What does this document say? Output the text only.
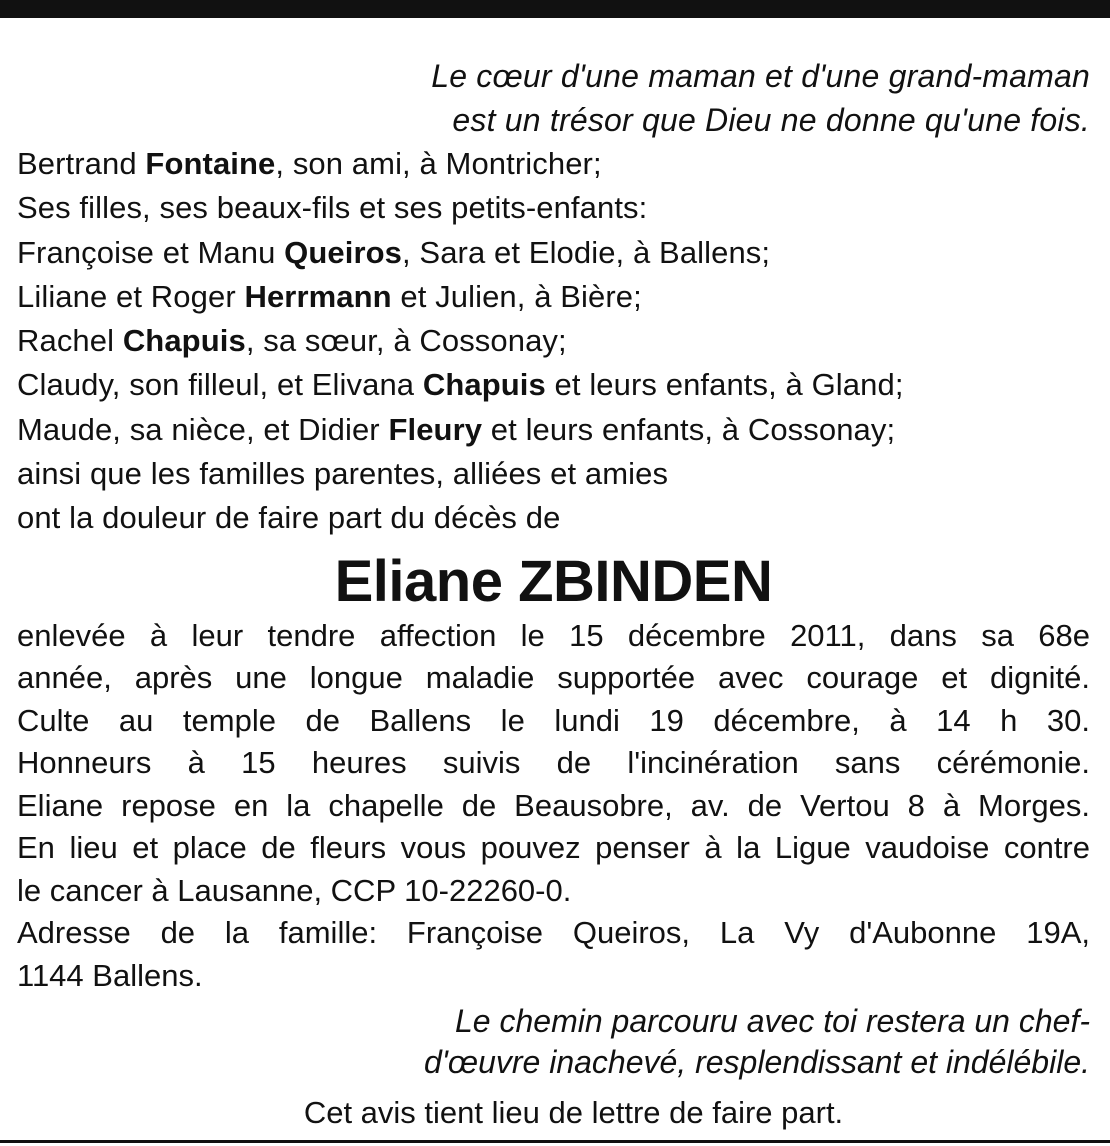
Le cœur d'une maman et d'une grand-maman
est un trésor que Dieu ne donne qu'une fois.
Bertrand Fontaine, son ami, à Montricher;
Ses filles, ses beaux-fils et ses petits-enfants:
Françoise et Manu Queiros, Sara et Elodie, à Ballens;
Liliane et Roger Herrmann et Julien, à Bière;
Rachel Chapuis, sa sœur, à Cossonay;
Claudy, son filleul, et Elivana Chapuis et leurs enfants, à Gland;
Maude, sa nièce, et Didier Fleury et leurs enfants, à Cossonay;
ainsi que les familles parentes, alliées et amies
ont la douleur de faire part du décès de
Eliane ZBINDEN
enlevée à leur tendre affection le 15 décembre 2011, dans sa 68e
année, après une longue maladie supportée avec courage et dignité.
Culte au temple de Ballens le lundi 19 décembre, à 14 h 30.
Honneurs à 15 heures suivis de l'incinération sans cérémonie.
Eliane repose en la chapelle de Beausobre, av. de Vertou 8 à Morges.
En lieu et place de fleurs vous pouvez penser à la Ligue vaudoise contre
le cancer à Lausanne, CCP 10-22260-0.
Adresse de la famille: Françoise Queiros, La Vy d'Aubonne 19A,
1144 Ballens.
Le chemin parcouru avec toi restera un chef-
d'œuvre inachevé, resplendissant et indélébile.
Cet avis tient lieu de lettre de faire part.
